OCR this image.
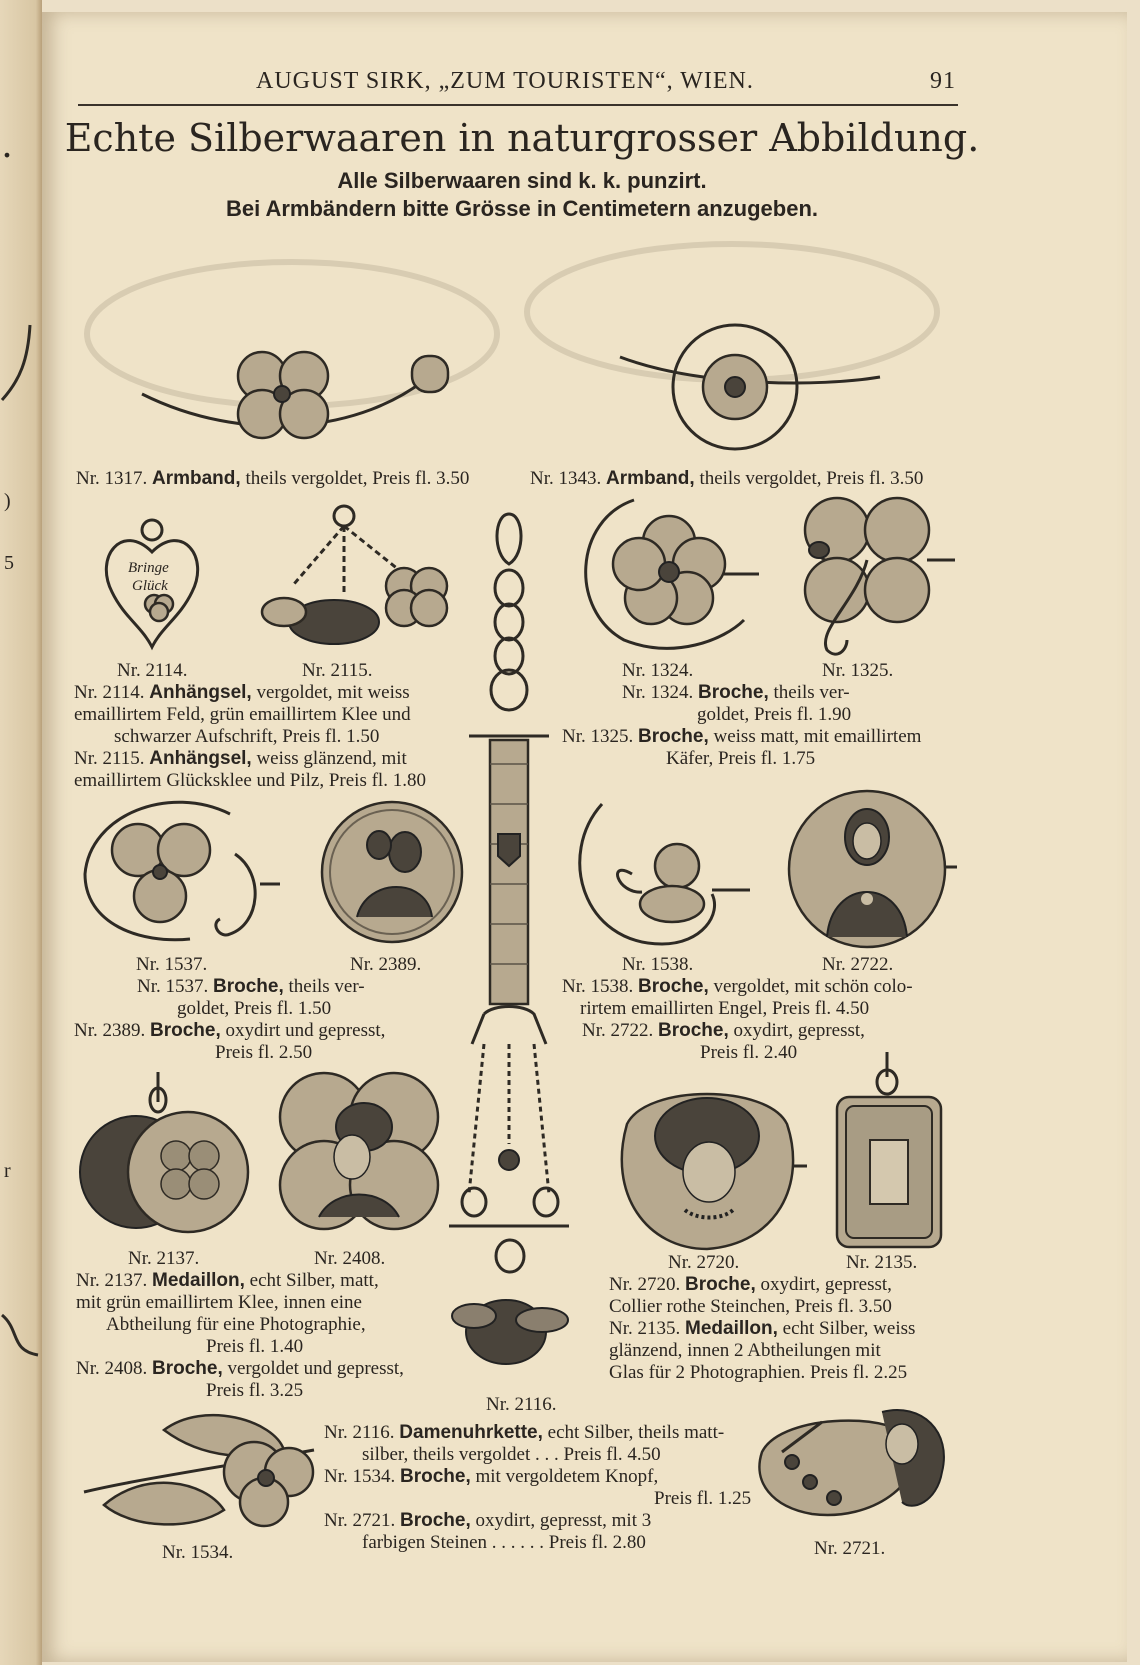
.
)
5
r
AUGUST SIRK, „ZUM TOURISTEN“, WIEN.	91
Echte Silberwaaren in naturgrosser Abbildung.
Alle Silberwaaren sind k. k. punzirt.
Bei Armbändern bitte Grösse in Centimetern anzugeben.
Nr. 1317. Armband, theils vergoldet, Preis fl. 3.50	Nr. 1343. Armband, theils vergoldet, Preis fl. 3.50
Bringe
Glück
Nr. 2114.	Nr. 2115.
Nr. 2114. Anhängsel, vergoldet, mit weiss
emaillirtem Feld, grün emaillirtem Klee und
schwarzer Aufschrift, Preis fl. 1.50
Nr. 2115. Anhängsel, weiss glänzend, mit
emaillirtem Glücksklee und Pilz, Preis fl. 1.80
Nr. 1324.	Nr. 1325.
Nr. 1324. Broche, theils ver-
goldet, Preis fl. 1.90
Nr. 1325. Broche, weiss matt, mit emaillirtem
Käfer, Preis fl. 1.75
Nr. 1537.	Nr. 2389.
Nr. 1537. Broche, theils ver-
goldet, Preis fl. 1.50
Nr. 2389. Broche, oxydirt und gepresst,
Preis fl. 2.50
Nr. 1538.	Nr. 2722.
Nr. 1538. Broche, vergoldet, mit schön colo-
rirtem emaillirten Engel, Preis fl. 4.50
Nr. 2722. Broche, oxydirt, gepresst,
Preis fl. 2.40
Nr. 2137.	Nr. 2408.
Nr. 2137. Medaillon, echt Silber, matt,
mit grün emaillirtem Klee, innen eine
Abtheilung für eine Photographie,
Preis fl. 1.40
Nr. 2408. Broche, vergoldet und gepresst,
Preis fl. 3.25
Nr. 2720.	Nr. 2135.
Nr. 2720. Broche, oxydirt, gepresst,
Collier rothe Steinchen, Preis fl. 3.50
Nr. 2135. Medaillon, echt Silber, weiss
glänzend, innen 2 Abtheilungen mit
Glas für 2 Photographien. Preis fl. 2.25
Nr. 2116.
Nr. 1534.
Nr. 2116. Damenuhrkette, echt Silber, theils matt-
silber, theils vergoldet . . . Preis fl. 4.50
Nr. 1534. Broche, mit vergoldetem Knopf,
Preis fl. 1.25
Nr. 2721. Broche, oxydirt, gepresst, mit 3
farbigen Steinen . . . . . . Preis fl. 2.80	Nr. 2721.
